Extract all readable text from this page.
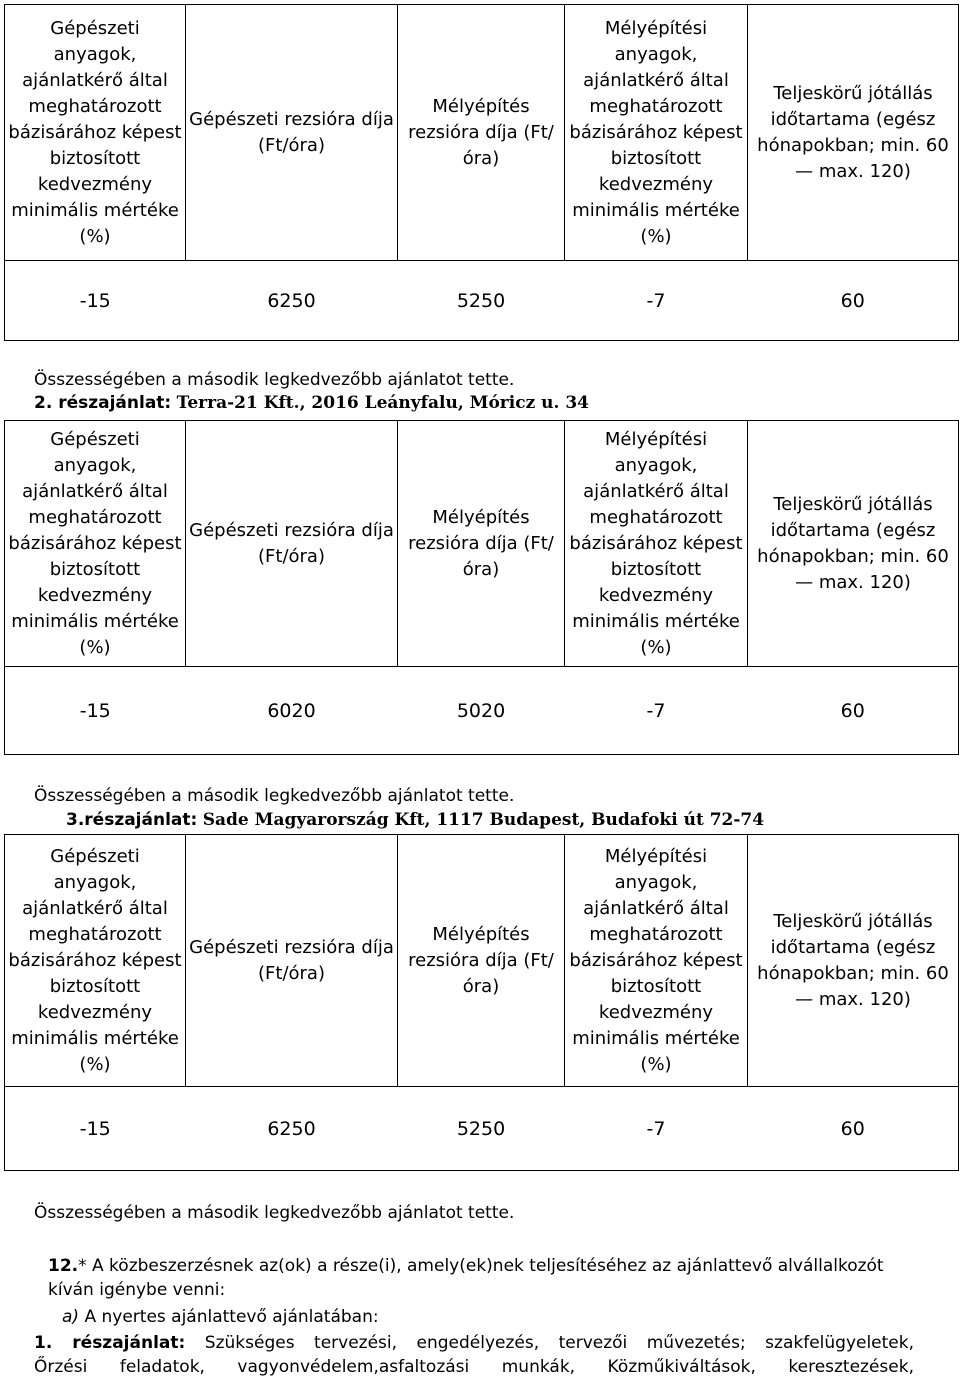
Gépészeti anyagok, ajánlatkérő által meghatározott bázisárához képest biztosított kedvezmény minimális mértéke (%)	Gépészeti rezsióra díja (Ft/óra)	Mélyépítés rezsióra díja (Ft/óra)	Mélyépítési anyagok, ajánlatkérő által meghatározott bázisárához képest biztosított kedvezmény minimális mértéke (%)	Teljeskörű jótállás időtartama (egész hónapokban; min. 60 — max. 120)
-15	6250	5250	-7	60
Összességében a második legkedvezőbb ajánlatot tette.
2. részajánlat: Terra-21 Kft., 2016 Leányfalu, Móricz u. 34
Gépészeti anyagok, ajánlatkérő által meghatározott bázisárához képest biztosított kedvezmény minimális mértéke (%)	Gépészeti rezsióra díja (Ft/óra)	Mélyépítés rezsióra díja (Ft/óra)	Mélyépítési anyagok, ajánlatkérő által meghatározott bázisárához képest biztosított kedvezmény minimális mértéke (%)	Teljeskörű jótállás időtartama (egész hónapokban; min. 60 — max. 120)
-15	6020	5020	-7	60
Összességében a második legkedvezőbb ajánlatot tette.
3.részajánlat: Sade Magyarország Kft, 1117 Budapest, Budafoki út 72-74
Gépészeti anyagok, ajánlatkérő által meghatározott bázisárához képest biztosított kedvezmény minimális mértéke (%)	Gépészeti rezsióra díja (Ft/óra)	Mélyépítés rezsióra díja (Ft/óra)	Mélyépítési anyagok, ajánlatkérő által meghatározott bázisárához képest biztosított kedvezmény minimális mértéke (%)	Teljeskörű jótállás időtartama (egész hónapokban; min. 60 — max. 120)
-15	6250	5250	-7	60
Összességében a második legkedvezőbb ajánlatot tette.
12.* A közbeszerzésnek az(ok) a része(i), amely(ek)nek teljesítéséhez az ajánlattevő alvállalkozót kíván igénybe venni:
a) A nyertes ajánlattevő ajánlatában:
1. részajánlat: Szükséges tervezési, engedélyezés, tervezői művezetés; szakfelügyeletek,
Őrzési feladatok, vagyonvédelem,asfaltozási munkák, Közműkiváltások, keresztezések,
